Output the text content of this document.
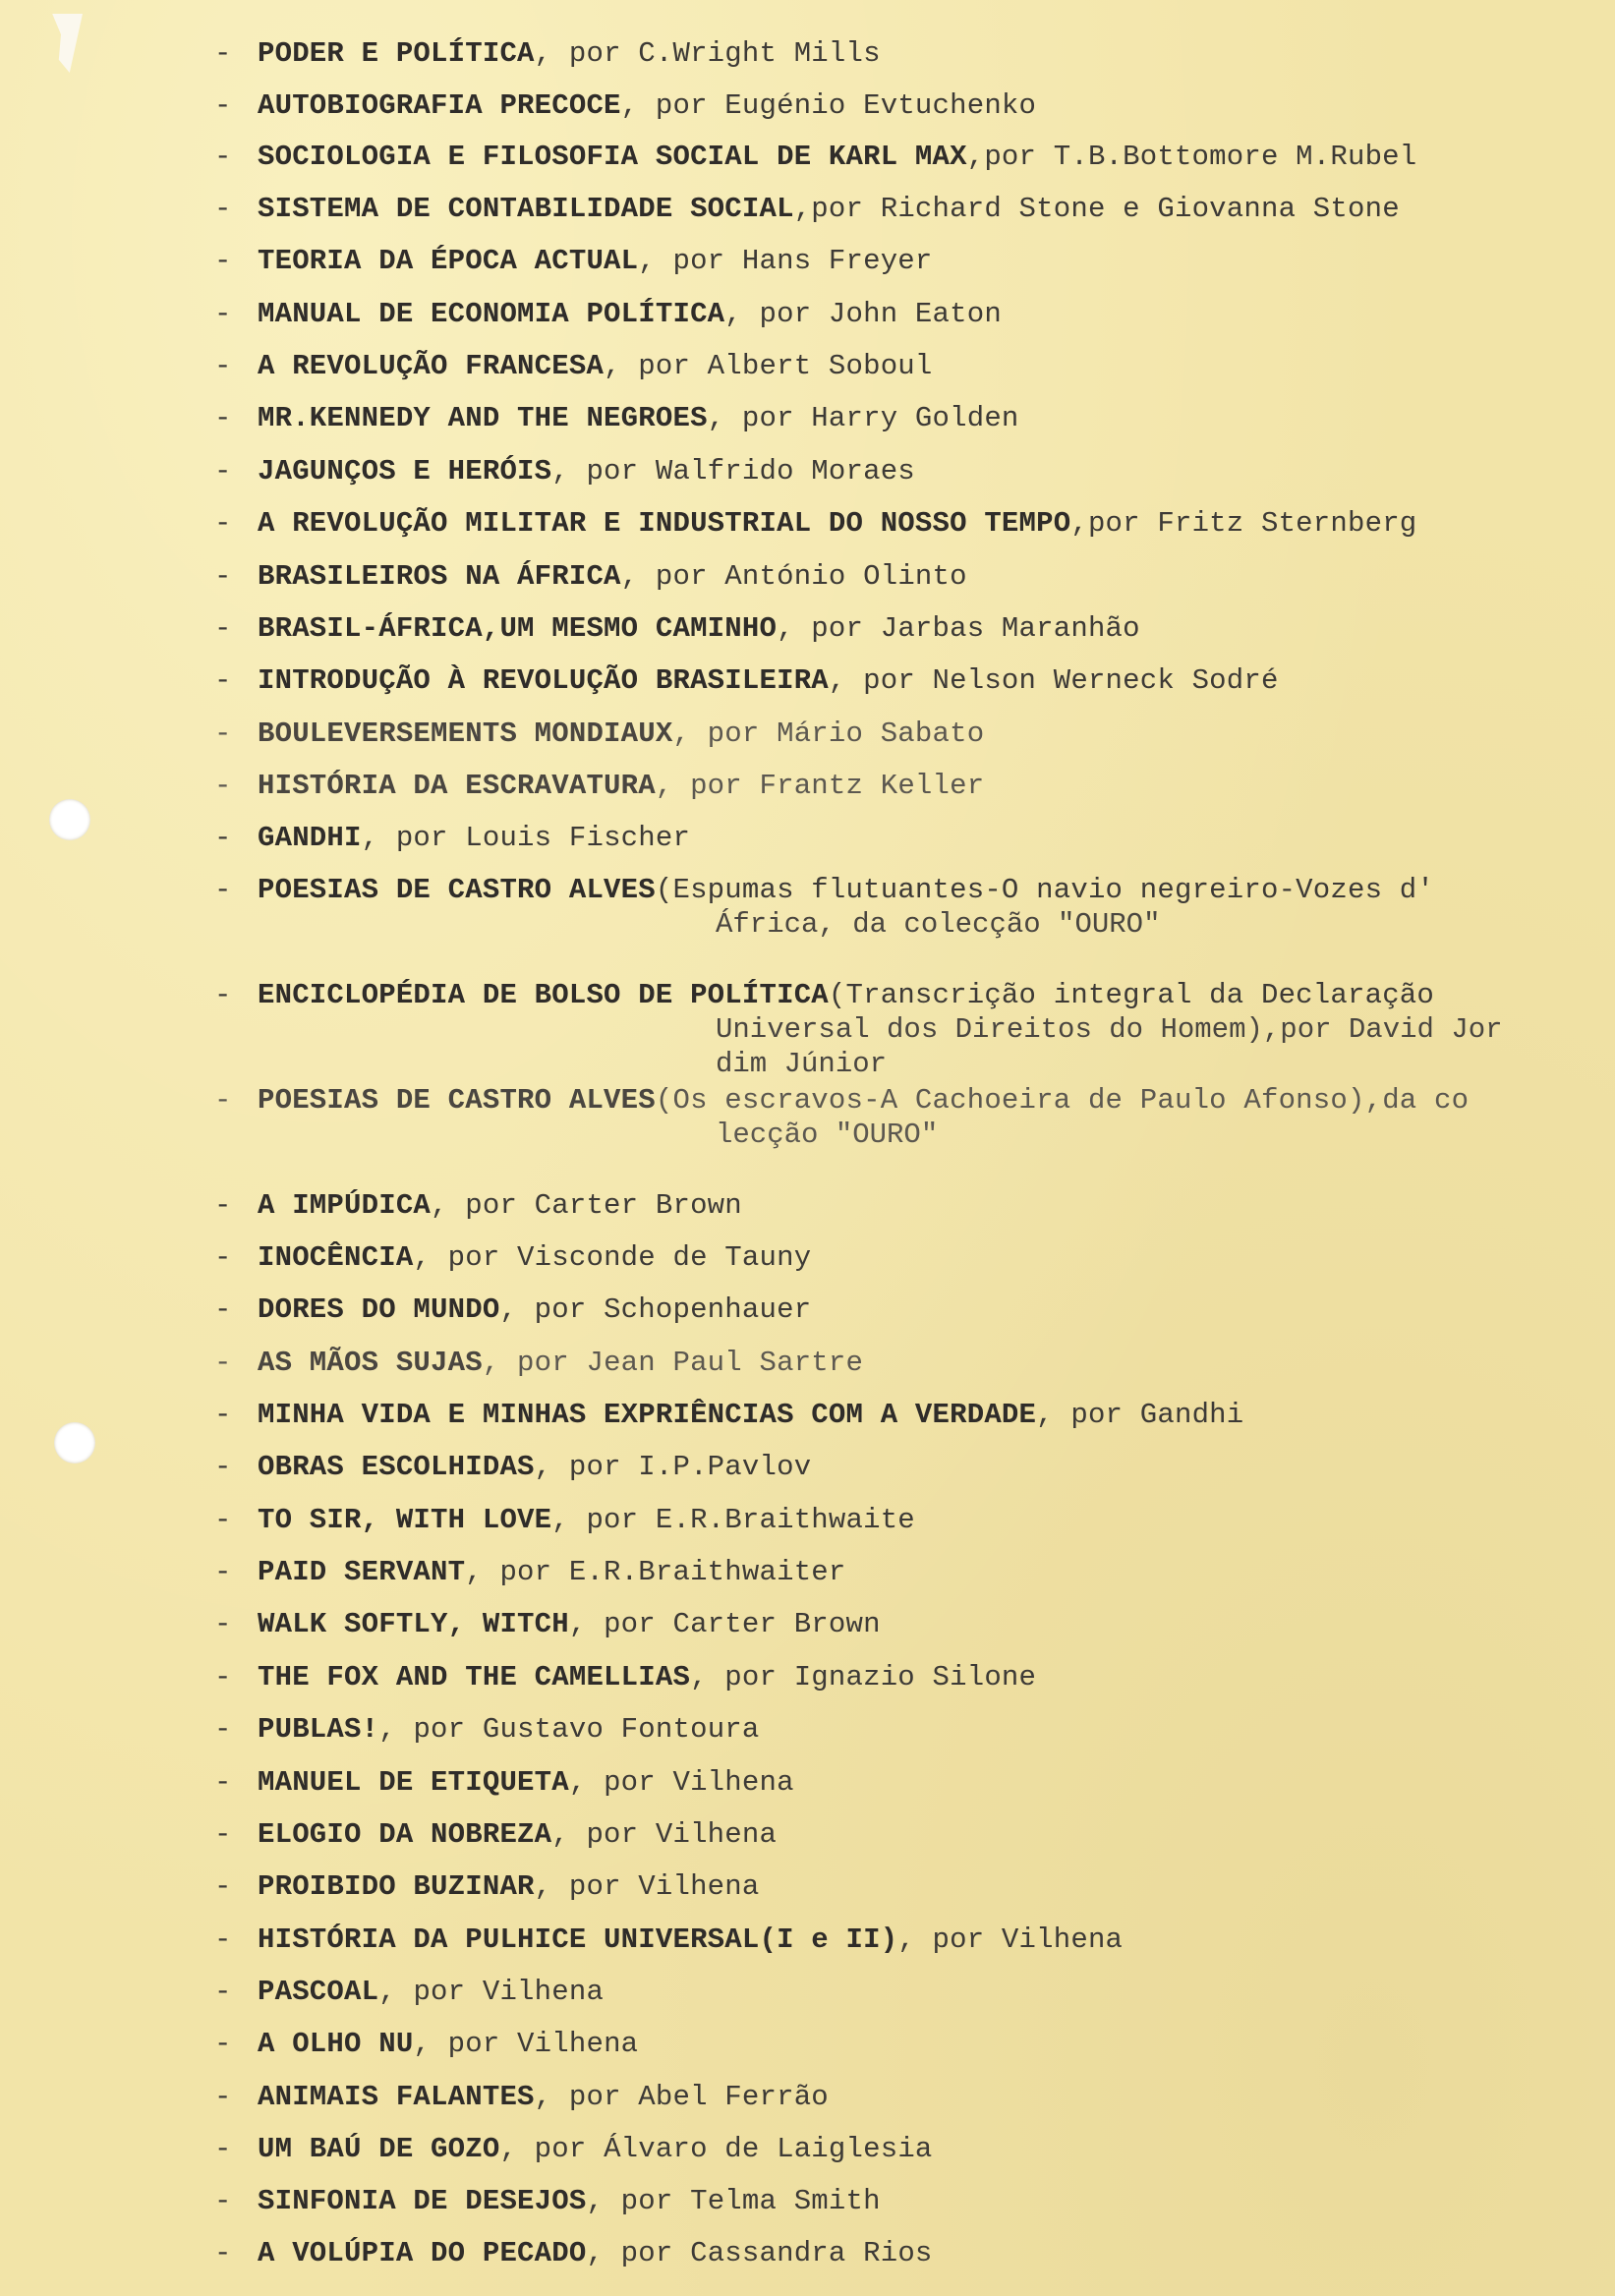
- PODER E POLÍTICA, por C.Wright Mills
- AUTOBIOGRAFIA PRECOCE, por Eugénio Evtuchenko
- SOCIOLOGIA E FILOSOFIA SOCIAL DE KARL MAX,por T.B.Bottomore M.Rubel
- SISTEMA DE CONTABILIDADE SOCIAL,por Richard Stone e Giovanna Stone
- TEORIA DA ÉPOCA ACTUAL, por Hans Freyer
- MANUAL DE ECONOMIA POLÍTICA, por John Eaton
- A REVOLUÇÃO FRANCESA, por Albert Soboul
- MR.KENNEDY AND THE NEGROES, por Harry Golden
- JAGUNÇOS E HERÓIS, por Walfrido Moraes
- A REVOLUÇÃO MILITAR E INDUSTRIAL DO NOSSO TEMPO,por Fritz Sternberg
- BRASILEIROS NA ÁFRICA, por António Olinto
- BRASIL-ÁFRICA,UM MESMO CAMINHO, por Jarbas Maranhão
- INTRODUÇÃO À REVOLUÇÃO BRASILEIRA, por Nelson Werneck Sodré
- BOULEVERSEMENTS MONDIAUX, por Mário Sabato
- HISTÓRIA DA ESCRAVATURA, por Frantz Keller
- GANDHI, por Louis Fischer
- POESIAS DE CASTRO ALVES(Espumas flutuantes-O navio negreiro-Vozes d'
África, da colecção "OURO"
- ENCICLOPÉDIA DE BOLSO DE POLÍTICA(Transcrição integral da Declaração
Universal dos Direitos do Homem),por David Jor
dim Júnior
- POESIAS DE CASTRO ALVES(Os escravos-A Cachoeira de Paulo Afonso),da co
lecção "OURO"
- A IMPÚDICA, por Carter Brown
- INOCÊNCIA, por Visconde de Tauny
- DORES DO MUNDO, por Schopenhauer
- AS MÃOS SUJAS, por Jean Paul Sartre
- MINHA VIDA E MINHAS EXPRIÊNCIAS COM A VERDADE, por Gandhi
- OBRAS ESCOLHIDAS, por I.P.Pavlov
- TO SIR, WITH LOVE, por E.R.Braithwaite
- PAID SERVANT, por E.R.Braithwaiter
- WALK SOFTLY, WITCH, por Carter Brown
- THE FOX AND THE CAMELLIAS, por Ignazio Silone
- PUBLAS!, por Gustavo Fontoura
- MANUEL DE ETIQUETA, por Vilhena
- ELOGIO DA NOBREZA, por Vilhena
- PROIBIDO BUZINAR, por Vilhena
- HISTÓRIA DA PULHICE UNIVERSAL(I e II), por Vilhena
- PASCOAL, por Vilhena
- A OLHO NU, por Vilhena
- ANIMAIS FALANTES, por Abel Ferrão
- UM BAÚ DE GOZO, por Álvaro de Laiglesia
- SINFONIA DE DESEJOS, por Telma Smith
- A VOLÚPIA DO PECADO, por Cassandra Rios
